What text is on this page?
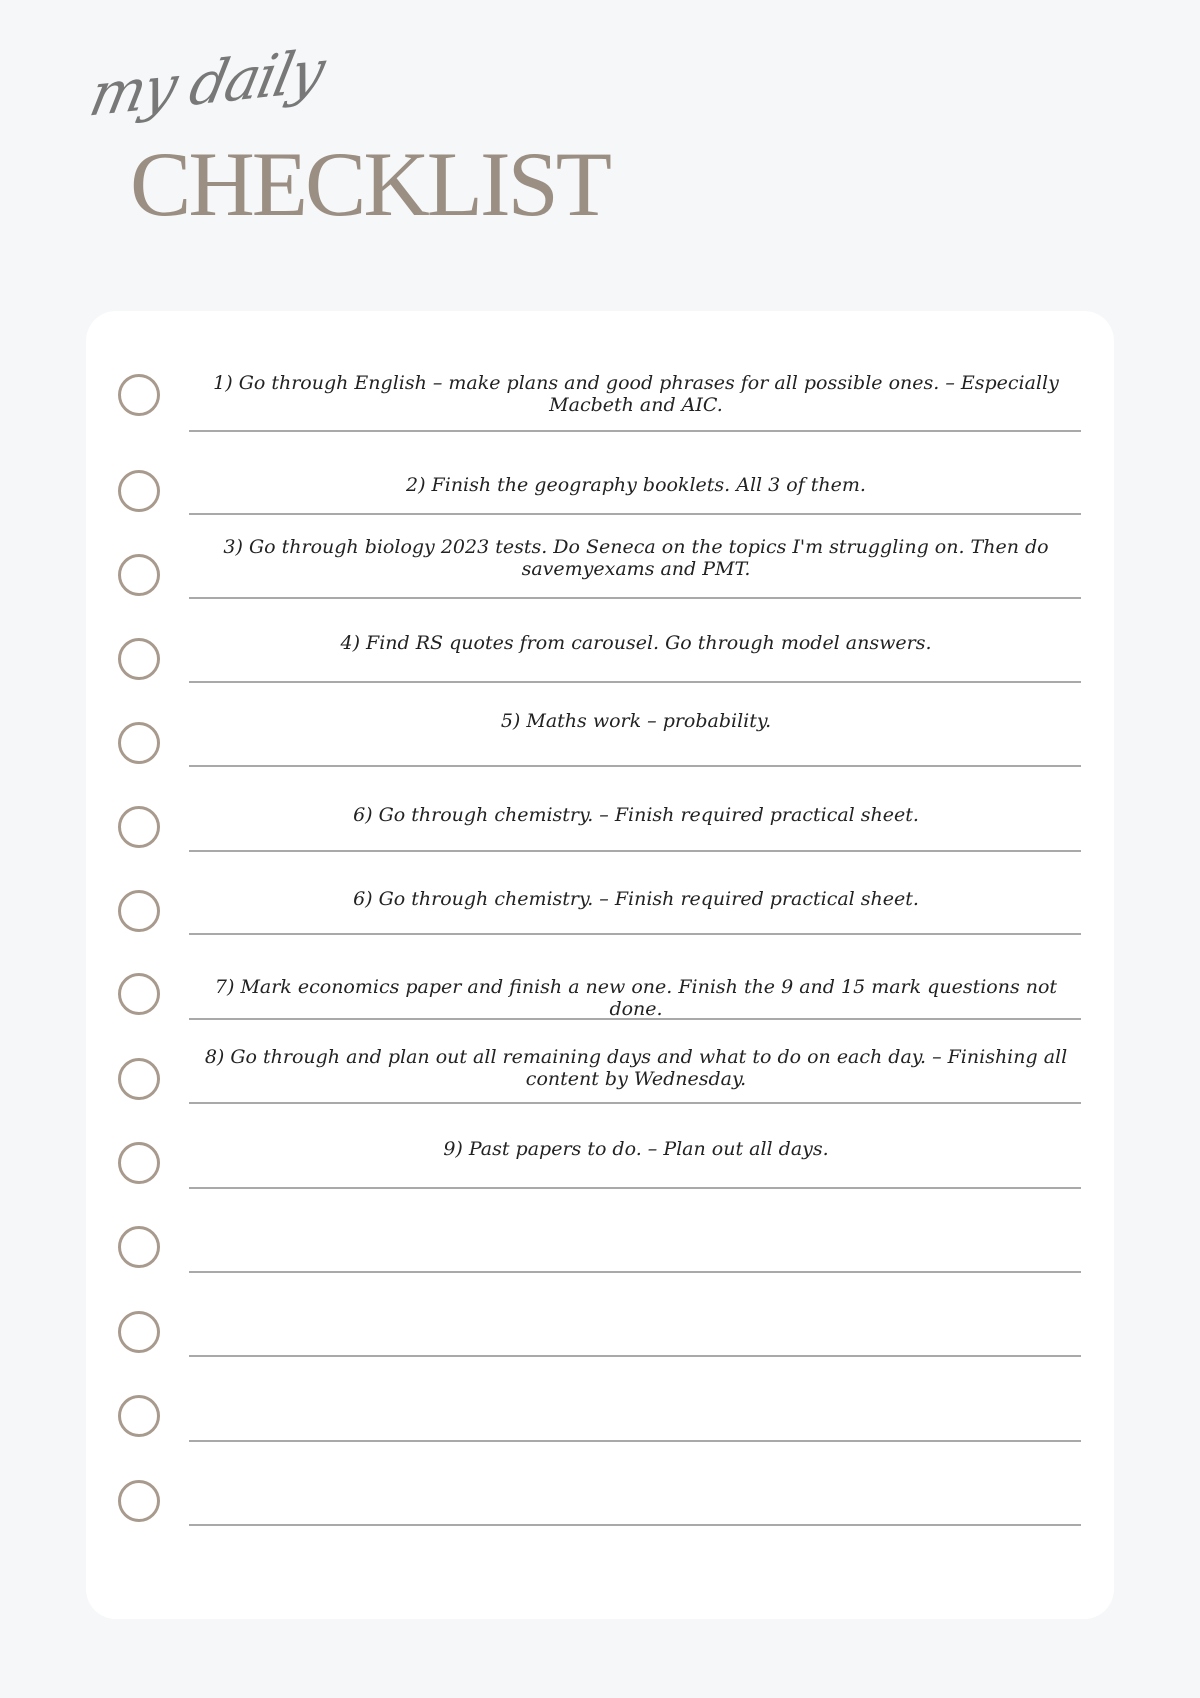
my daily
CHECKLIST
1) Go through English – make plans and good phrases for all possible ones. – Especially Macbeth and AIC.
2) Finish the geography booklets. All 3 of them.
3) Go through biology 2023 tests. Do Seneca on the topics I'm struggling on. Then do savemyexams and PMT.
4) Find RS quotes from carousel. Go through model answers.
5) Maths work – probability.
6) Go through chemistry. – Finish required practical sheet.
6) Go through chemistry. – Finish required practical sheet.
7) Mark economics paper and finish a new one. Finish the 9 and 15 mark questions not done.
8) Go through and plan out all remaining days and what to do on each day. – Finishing all content by Wednesday.
9) Past papers to do. – Plan out all days.
